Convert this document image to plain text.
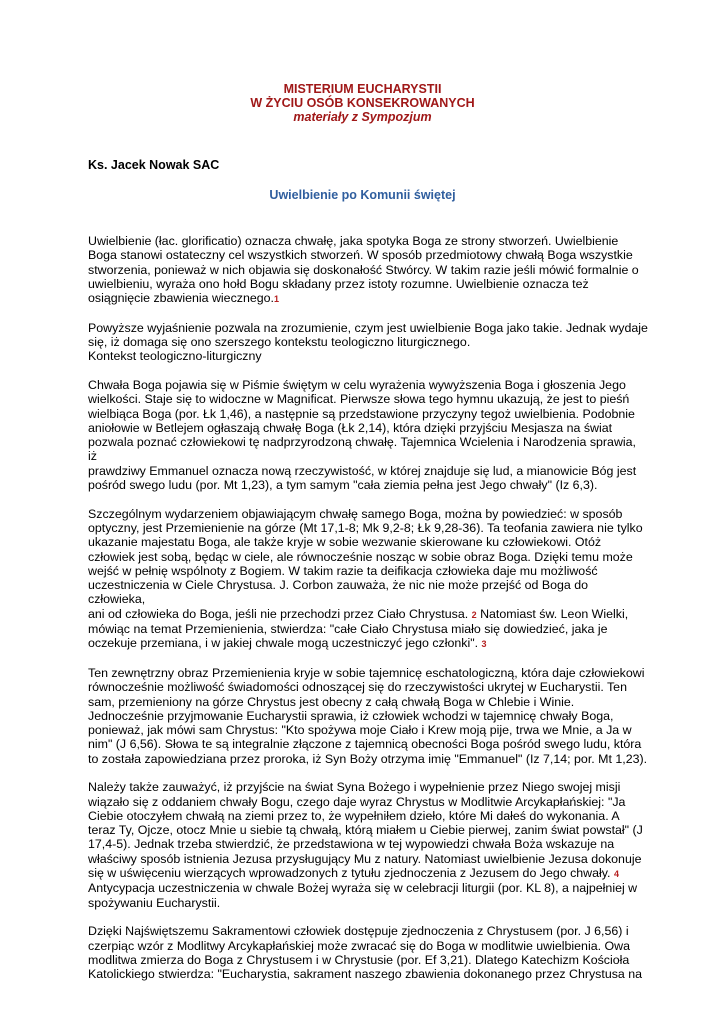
MISTERIUM EUCHARYSTII
W ŻYCIU OSÓB KONSEKROWANYCH
materiały z Sympozjum
Ks. Jacek Nowak SAC
Uwielbienie po Komunii świętej

Uwielbienie (łac. glorificatio) oznacza chwałę, jaka spotyka Boga ze strony stworzeń. Uwielbienie
Boga stanowi ostateczny cel wszystkich stworzeń. W sposób przedmiotowy chwałą Boga wszystkie
stworzenia, ponieważ w nich objawia się doskonałość Stwórcy. W takim razie jeśli mówić formalnie o
uwielbieniu, wyraża ono hołd Bogu składany przez istoty rozumne. Uwielbienie oznacza też
osiągnięcie zbawienia wiecznego.1

Powyższe wyjaśnienie pozwala na zrozumienie, czym jest uwielbienie Boga jako takie. Jednak wydaje
się, iż domaga się ono szerszego kontekstu teologiczno liturgicznego.
Kontekst teologiczno-liturgiczny

Chwała Boga pojawia się w Piśmie świętym w celu wyrażenia wywyższenia Boga i głoszenia Jego
wielkości. Staje się to widoczne w Magnificat. Pierwsze słowa tego hymnu ukazują, że jest to pieśń
wielbiąca Boga (por. Łk 1,46), a następnie są przedstawione przyczyny tegoż uwielbienia. Podobnie
aniołowie w Betlejem ogłaszają chwałę Boga (Łk 2,14), która dzięki przyjściu Mesjasza na świat
pozwala poznać człowiekowi tę nadprzyrodzoną chwałę. Tajemnica Wcielenia i Narodzenia sprawia, iż
prawdziwy Emmanuel oznacza nową rzeczywistość, w której znajduje się lud, a mianowicie Bóg jest
pośród swego ludu (por. Mt 1,23), a tym samym "cała ziemia pełna jest Jego chwały" (Iz 6,3).

Szczególnym wydarzeniem objawiającym chwałę samego Boga, można by powiedzieć: w sposób
optyczny, jest Przemienienie na górze (Mt 17,1-8; Mk 9,2-8; Łk 9,28-36). Ta teofania zawiera nie tylko
ukazanie majestatu Boga, ale także kryje w sobie wezwanie skierowane ku człowiekowi. Otóż
człowiek jest sobą, będąc w ciele, ale równocześnie nosząc w sobie obraz Boga. Dzięki temu może
wejść w pełnię wspólnoty z Bogiem. W takim razie ta deifikacja człowieka daje mu możliwość
uczestniczenia w Ciele Chrystusa. J. Corbon zauważa, że nic nie może przejść od Boga do człowieka,
ani od człowieka do Boga, jeśli nie przechodzi przez Ciało Chrystusa. 2 Natomiast św. Leon Wielki,
mówiąc na temat Przemienienia, stwierdza: "całe Ciało Chrystusa miało się dowiedzieć, jaka je
oczekuje przemiana, i w jakiej chwale mogą uczestniczyć jego członki". 3

Ten zewnętrzny obraz Przemienienia kryje w sobie tajemnicę eschatologiczną, która daje człowiekowi
równocześnie możliwość świadomości odnoszącej się do rzeczywistości ukrytej w Eucharystii. Ten
sam, przemieniony na górze Chrystus jest obecny z całą chwałą Boga w Chlebie i Winie.
Jednocześnie przyjmowanie Eucharystii sprawia, iż człowiek wchodzi w tajemnicę chwały Boga,
ponieważ, jak mówi sam Chrystus: "Kto spożywa moje Ciało i Krew moją pije, trwa we Mnie, a Ja w
nim" (J 6,56). Słowa te są integralnie złączone z tajemnicą obecności Boga pośród swego ludu, która
to została zapowiedziana przez proroka, iż Syn Boży otrzyma imię "Emmanuel" (Iz 7,14; por. Mt 1,23).

Należy także zauważyć, iż przyjście na świat Syna Bożego i wypełnienie przez Niego swojej misji
wiązało się z oddaniem chwały Bogu, czego daje wyraz Chrystus w Modlitwie Arcykapłańskiej: "Ja
Ciebie otoczyłem chwałą na ziemi przez to, że wypełniłem dzieło, które Mi dałeś do wykonania. A
teraz Ty, Ojcze, otocz Mnie u siebie tą chwałą, którą miałem u Ciebie pierwej, zanim świat powstał" (J
17,4-5). Jednak trzeba stwierdzić, że przedstawiona w tej wypowiedzi chwała Boża wskazuje na
właściwy sposób istnienia Jezusa przysługujący Mu z natury. Natomiast uwielbienie Jezusa dokonuje
się w uświęceniu wierzących wprowadzonych z tytułu zjednoczenia z Jezusem do Jego chwały. 4
Antycypacja uczestniczenia w chwale Bożej wyraża się w celebracji liturgii (por. KL 8), a najpełniej w
spożywaniu Eucharystii.

Dzięki Najświętszemu Sakramentowi człowiek dostępuje zjednoczenia z Chrystusem (por. J 6,56) i
czerpiąc wzór z Modlitwy Arcykapłańskiej może zwracać się do Boga w modlitwie uwielbienia. Owa
modlitwa zmierza do Boga z Chrystusem i w Chrystusie (por. Ef 3,21). Dlatego Katechizm Kościoła
Katolickiego stwierdza: "Eucharystia, sakrament naszego zbawienia dokonanego przez Chrystusa na
